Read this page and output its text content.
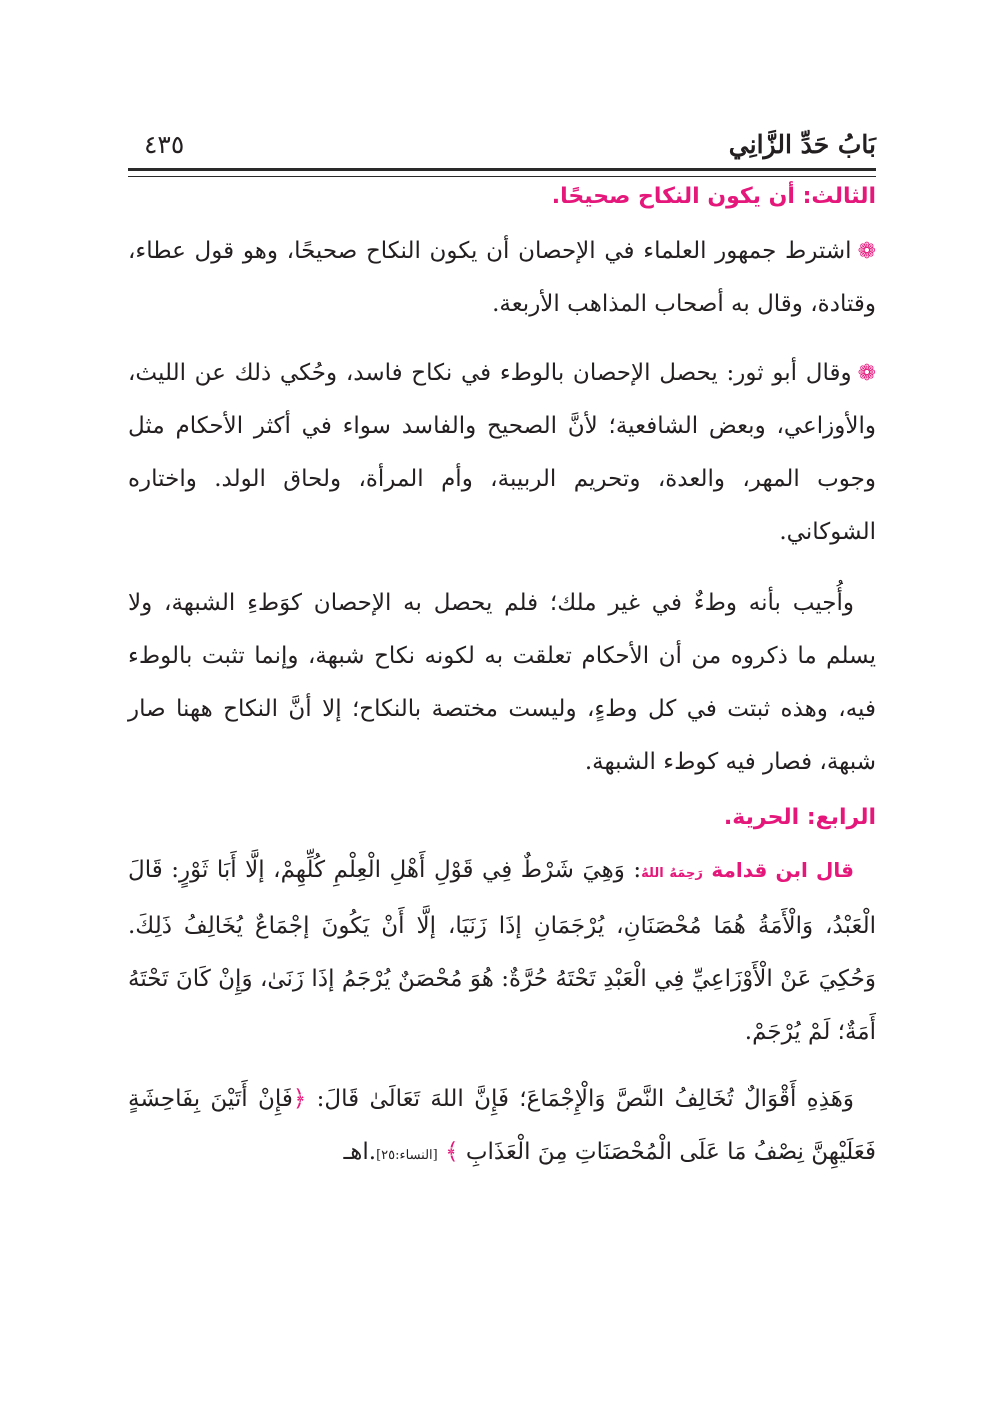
بَابُ حَدِّ الزَّانِي
٤٣٥
الثالث: أن يكون النكاح صحيحًا.

❁اشترط جمهور العلماء في الإحصان أن يكون النكاح صحيحًا، وهو قول عطاء، وقتادة، وقال به أصحاب المذاهب الأربعة.

❁وقال أبو ثور: يحصل الإحصان بالوطء في نكاح فاسد، وحُكي ذلك عن الليث، والأوزاعي، وبعض الشافعية؛ لأنَّ الصحيح والفاسد سواء في أكثر الأحكام مثل وجوب المهر، والعدة، وتحريم الربيبة، وأم المرأة، ولحاق الولد. واختاره الشوكاني.

وأُجيب بأنه وطءٌ في غير ملك؛ فلم يحصل به الإحصان كوَطءِ الشبهة، ولا يسلم ما ذكروه من أن الأحكام تعلقت به لكونه نكاح شبهة، وإنما تثبت بالوطء فيه، وهذه ثبتت في كل وطءٍ، وليست مختصة بالنكاح؛ إلا أنَّ النكاح ههنا صار شبهة، فصار فيه كوطء الشبهة.

الرابع: الحرية.

قال ابن قدامة رَحِمَهُ اللهُ: وَهِيَ شَرْطٌ فِي قَوْلِ أَهْلِ الْعِلْمِ كُلِّهِمْ، إلَّا أَبَا ثَوْرٍ: قَالَ الْعَبْدُ، وَالْأَمَةُ هُمَا مُحْصَنَانِ، يُرْجَمَانِ إذَا زَنَيَا، إلَّا أَنْ يَكُونَ إجْمَاعٌ يُخَالِفُ ذَلِكَ. وَحُكِيَ عَنْ الْأَوْزَاعِيِّ فِي الْعَبْدِ تَحْتَهُ حُرَّةٌ: هُوَ مُحْصَنٌ يُرْجَمُ إذَا زَنَىٰ، وَإِنْ كَانَ تَحْتَهُ أَمَةٌ؛ لَمْ يُرْجَمْ.

وَهَذِهِ أَقْوَالٌ تُخَالِفُ النَّصَّ وَالْإِجْمَاعَ؛ فَإِنَّ اللهَ تَعَالَىٰ قَالَ: ﴿فَإِنْ أَتَيْنَ بِفَاحِشَةٍ فَعَلَيْهِنَّ نِصْفُ مَا عَلَى الْمُحْصَنَاتِ مِنَ الْعَذَابِ ﴾ [النساء:٢٥].اهـ
